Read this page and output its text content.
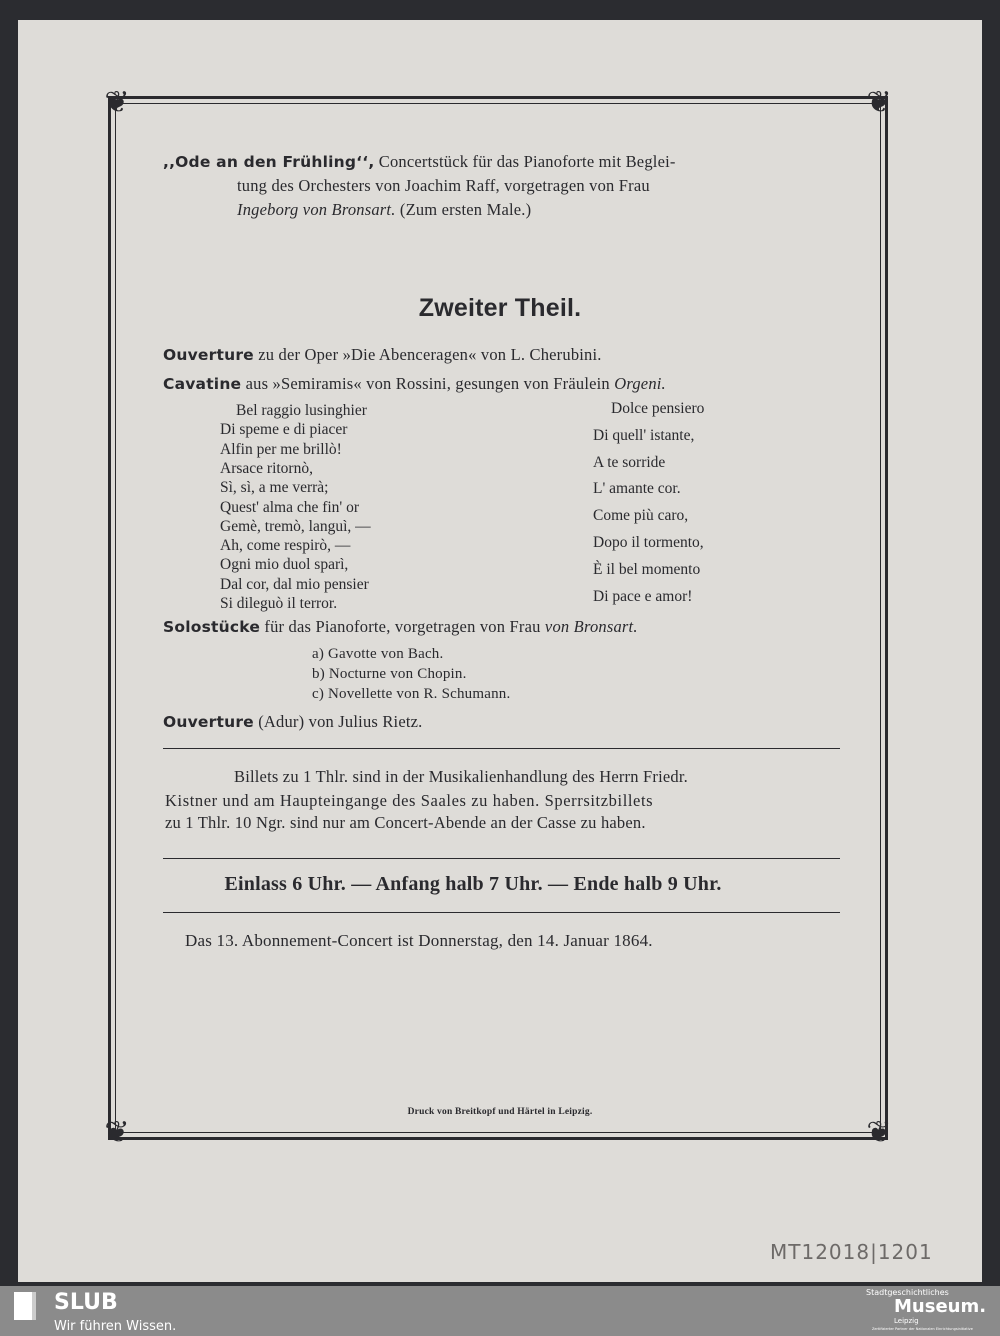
❦	❦
❦	❦
,,Ode an den Frühling‘‘, Concertstück für das Pianoforte mit Beglei-
tung des Orchesters von Joachim Raff, vorgetragen von Frau
Ingeborg von Bronsart. (Zum ersten Male.)
Zweiter Theil.
Ouverture zu der Oper »Die Abenceragen« von L. Cherubini.
Cavatine aus »Semiramis« von Rossini, gesungen von Fräulein Orgeni.
Bel raggio lusinghier
Di speme e di piacer
Alfin per me brillò!
Arsace ritornò,
Sì, sì, a me verrà;
Quest' alma che fin' or
Gemè, tremò, languì, —
Ah, come respirò, —
Ogni mio duol sparì,
Dal cor, dal mio pensier
Si dileguò il terror.
Dolce pensiero
Di quell' istante,
A te sorride
L' amante cor.
Come più caro,
Dopo il tormento,
È il bel momento
Di pace e amor!
Solostücke für das Pianoforte, vorgetragen von Frau von Bronsart.
a) Gavotte von Bach.
b) Nocturne von Chopin.
c) Novellette von R. Schumann.
Ouverture (Adur) von Julius Rietz.
Billets zu 1 Thlr. sind in der Musikalienhandlung des Herrn Friedr.
Kistner und am Haupteingange des Saales zu haben. Sperrsitzbillets
zu 1 Thlr. 10 Ngr. sind nur am Concert-Abende an der Casse zu haben.
Einlass 6 Uhr. — Anfang halb 7 Uhr. — Ende halb 9 Uhr.
Das 13. Abonnement-Concert ist Donnerstag, den 14. Januar 1864.
Druck von Breitkopf und Härtel in Leipzig.
MT12018|1201
SLUB
Wir führen Wissen.
Stadtgeschichtliches
Museum.
Leipzig
Zertifizierter Partner der Nationalen Einrichtungsinitiative
